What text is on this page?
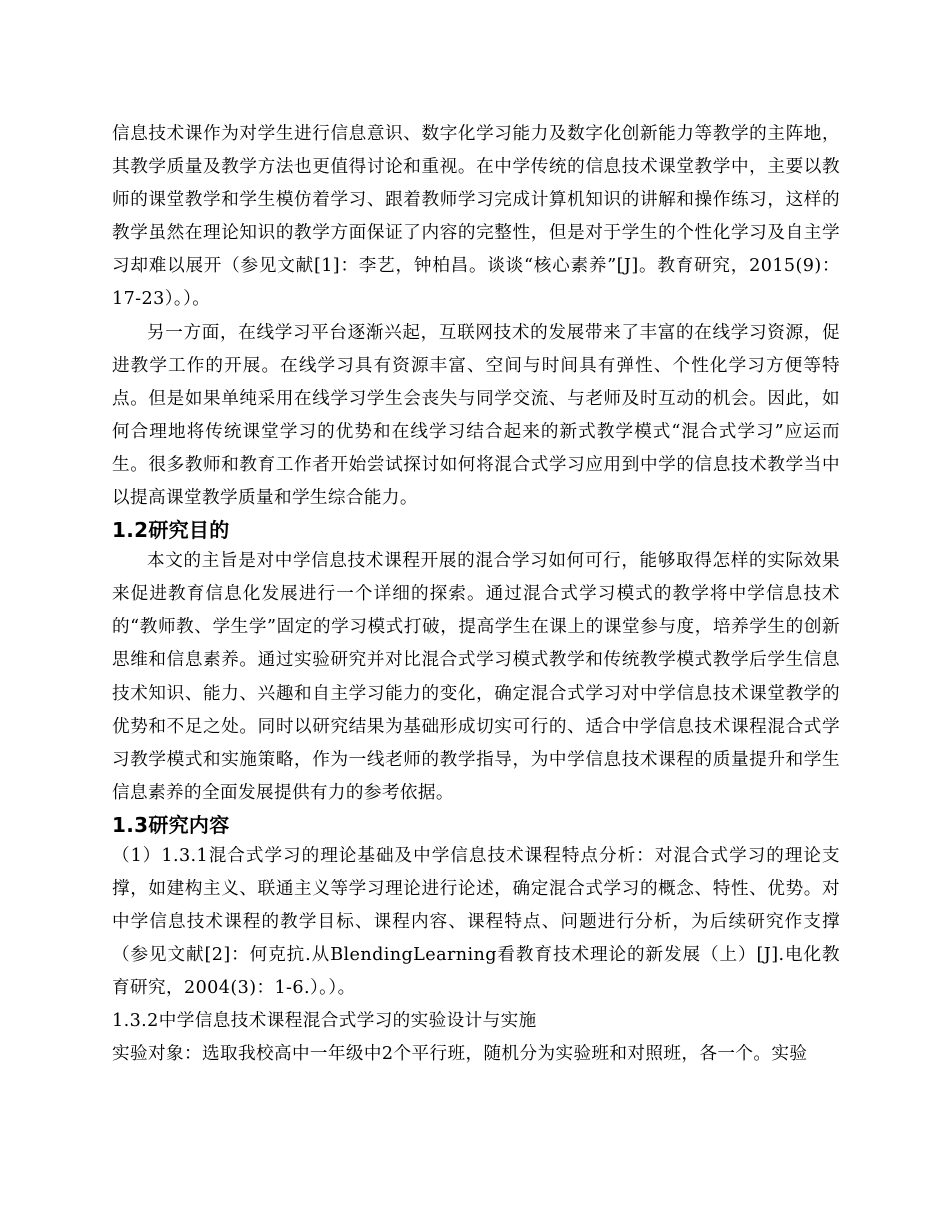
信息技术课作为对学生进行信息意识、数字化学习能力及数字化创新能力等教学的主阵地，其教学质量及教学方法也更值得讨论和重视。在中学传统的信息技术课堂教学中，主要以教师的课堂教学和学生模仿着学习、跟着教师学习完成计算机知识的讲解和操作练习，这样的教学虽然在理论知识的教学方面保证了内容的完整性，但是对于学生的个性化学习及自主学习却难以展开（参见文献[1]：李艺，钟柏昌。谈谈“核心素养”[J]。教育研究，2015(9)：17-23）。）。

另一方面，在线学习平台逐渐兴起，互联网技术的发展带来了丰富的在线学习资源，促进教学工作的开展。在线学习具有资源丰富、空间与时间具有弹性、个性化学习方便等特点。但是如果单纯采用在线学习学生会丧失与同学交流、与老师及时互动的机会。因此，如何合理地将传统课堂学习的优势和在线学习结合起来的新式教学模式“混合式学习”应运而生。很多教师和教育工作者开始尝试探讨如何将混合式学习应用到中学的信息技术教学当中以提高课堂教学质量和学生综合能力。

1.2研究目的

本文的主旨是对中学信息技术课程开展的混合学习如何可行，能够取得怎样的实际效果来促进教育信息化发展进行一个详细的探索。通过混合式学习模式的教学将中学信息技术的“教师教、学生学”固定的学习模式打破，提高学生在课上的课堂参与度，培养学生的创新思维和信息素养。通过实验研究并对比混合式学习模式教学和传统教学模式教学后学生信息技术知识、能力、兴趣和自主学习能力的变化，确定混合式学习对中学信息技术课堂教学的优势和不足之处。同时以研究结果为基础形成切实可行的、适合中学信息技术课程混合式学习教学模式和实施策略，作为一线老师的教学指导，为中学信息技术课程的质量提升和学生信息素养的全面发展提供有力的参考依据。

1.3研究内容

（1）1.3.1混合式学习的理论基础及中学信息技术课程特点分析：对混合式学习的理论支撑，如建构主义、联通主义等学习理论进行论述，确定混合式学习的概念、特性、优势。对中学信息技术课程的教学目标、课程内容、课程特点、问题进行分析，为后续研究作支撑（参见文献[2]：何克抗.从BlendingLearning看教育技术理论的新发展（上）[J].电化教育研究，2004(3)：1-6.）。）。

1.3.2中学信息技术课程混合式学习的实验设计与实施

实验对象：选取我校高中一年级中2个平行班，随机分为实验班和对照班，各一个。实验
